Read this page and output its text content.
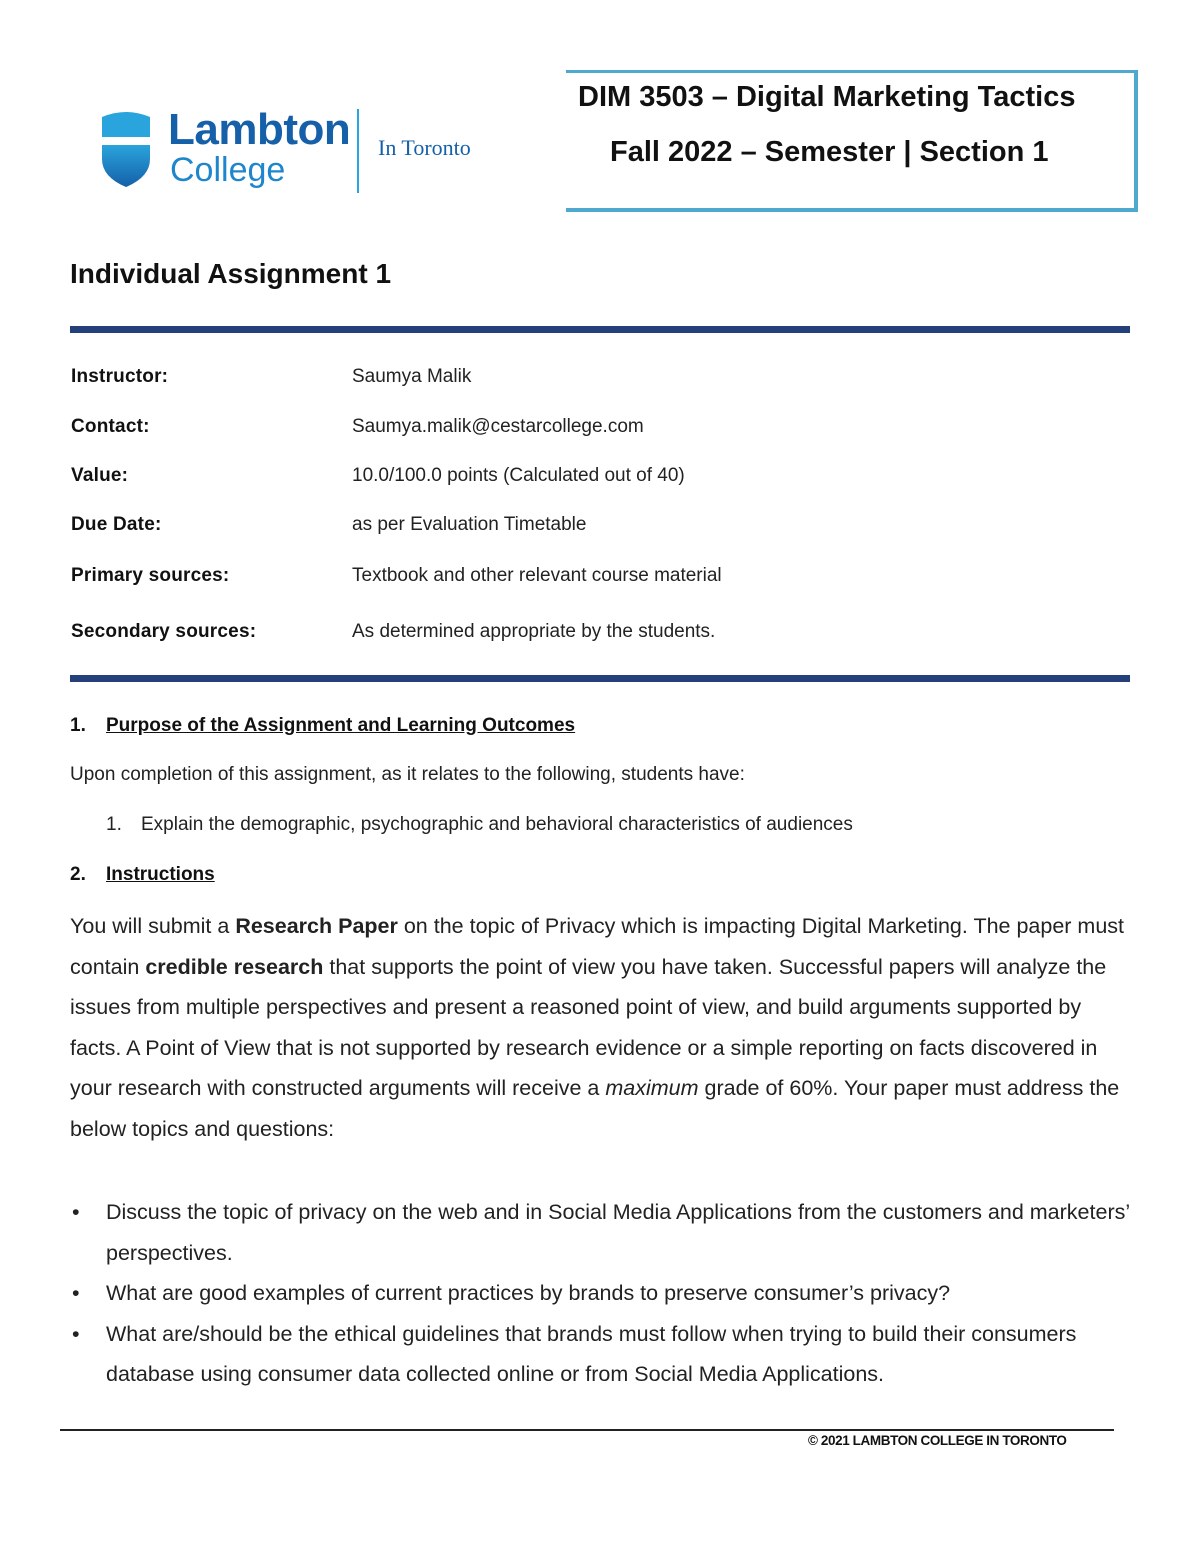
Lambton
College
In Toronto
DIM 3503 – Digital Marketing Tactics
Fall 2022 – Semester | Section 1
Individual Assignment 1
Instructor:	Saumya Malik
Contact:	Saumya.malik@cestarcollege.com
Value:	10.0/100.0 points (Calculated out of 40)
Due Date:	as per Evaluation Timetable
Primary sources:	Textbook and other relevant course material
Secondary sources:	As determined appropriate by the students.
1. Purpose of the Assignment and Learning Outcomes
Upon completion of this assignment, as it relates to the following, students have:
1. Explain the demographic, psychographic and behavioral characteristics of audiences
2. Instructions
You will submit a Research Paper on the topic of Privacy which is impacting Digital Marketing. The paper must contain credible research that supports the point of view you have taken. Successful papers will analyze the issues from multiple perspectives and present a reasoned point of view, and build arguments supported by facts. A Point of View that is not supported by research evidence or a simple reporting on facts discovered in your research with constructed arguments will receive a maximum grade of 60%. Your paper must address the below topics and questions:
• Discuss the topic of privacy on the web and in Social Media Applications from the customers and marketers’ perspectives.
• What are good examples of current practices by brands to preserve consumer’s privacy?
• What are/should be the ethical guidelines that brands must follow when trying to build their consumers database using consumer data collected online or from Social Media Applications.
© 2021 LAMBTON COLLEGE IN TORONTO
